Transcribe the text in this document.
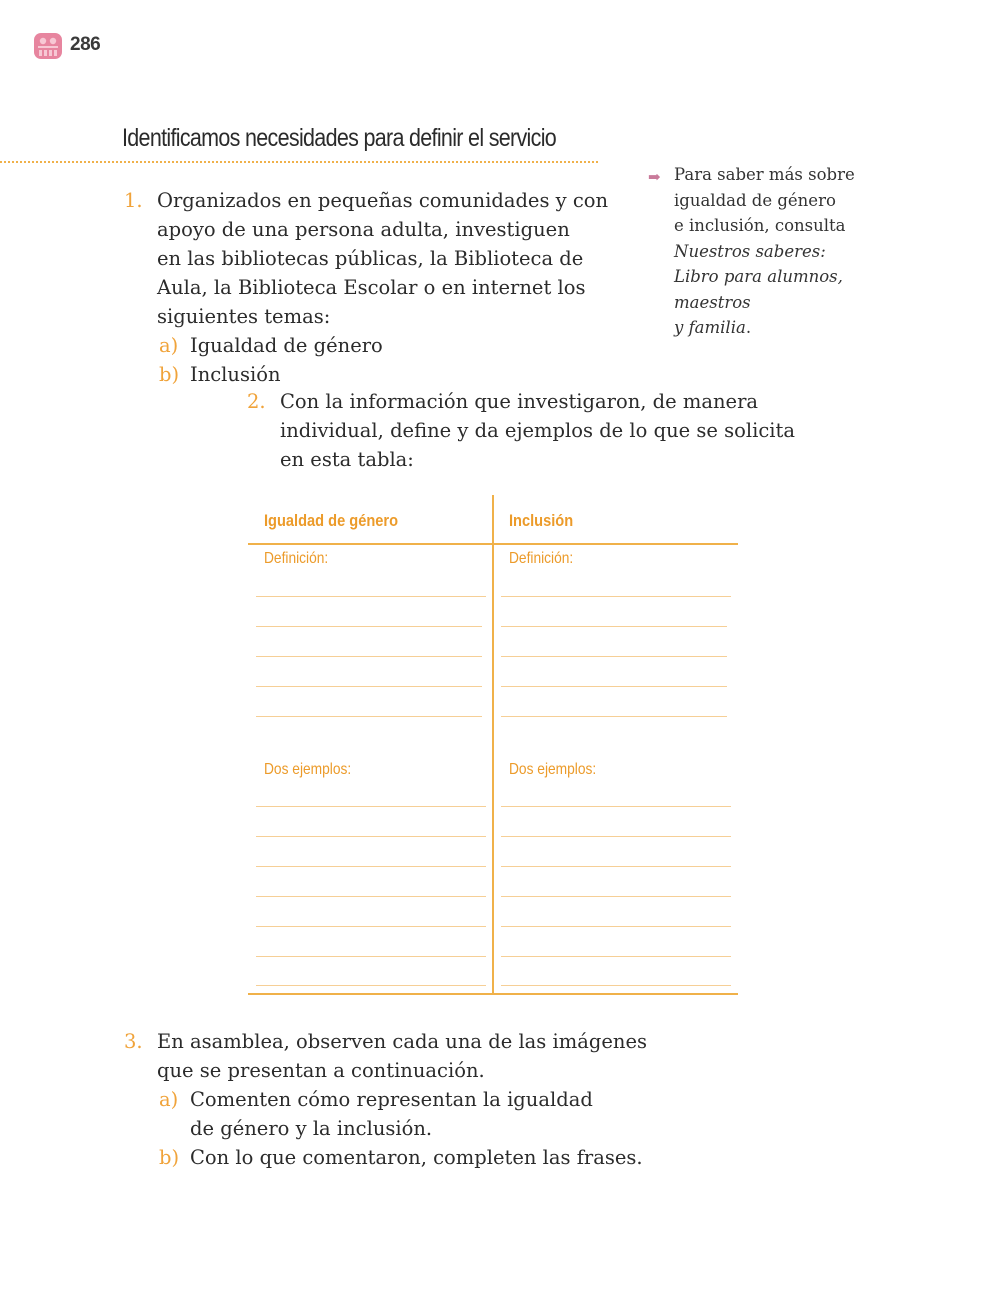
286
Identificamos necesidades para definir el servicio
1. Organizados en pequeñas comunidades y con
apoyo de una persona adulta, investiguen
en las bibliotecas públicas, la Biblioteca de
Aula, la Biblioteca Escolar o en internet los
siguientes temas:
a) Igualdad de género
b) Inclusión
➡ Para saber más sobre
igualdad de género
e inclusión, consulta
Nuestros saberes:
Libro para alumnos,
maestros
y familia.
2. Con la información que investigaron, de manera
individual, define y da ejemplos de lo que se solicita
en esta tabla:
Igualdad de género	Inclusión
Definición:	Definición:
Dos ejemplos:	Dos ejemplos:
3. En asamblea, observen cada una de las imágenes
que se presentan a continuación.
a) Comenten cómo representan la igualdad
de género y la inclusión.
b) Con lo que comentaron, completen las frases.
